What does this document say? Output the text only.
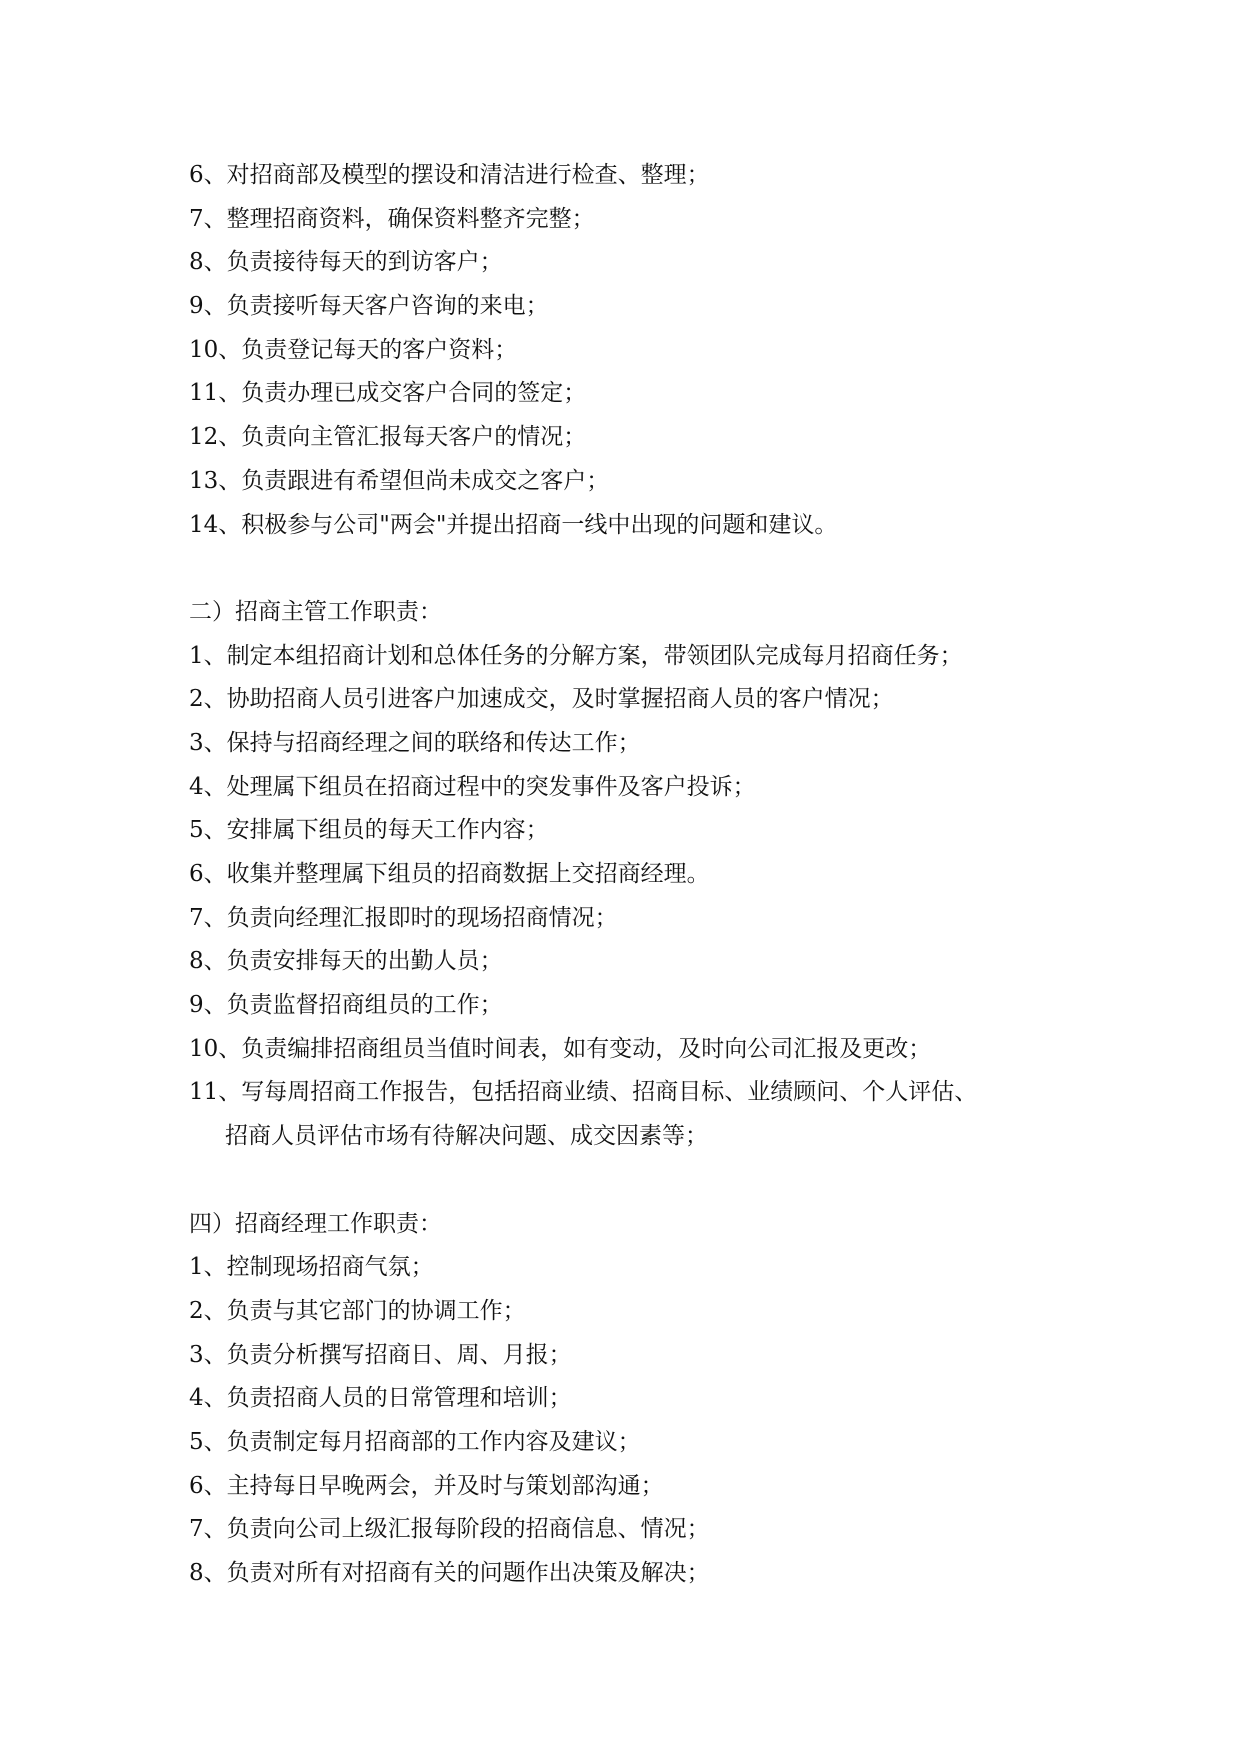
6、对招商部及模型的摆设和清洁进行检查、整理；

7、整理招商资料，确保资料整齐完整；

8、负责接待每天的到访客户；

9、负责接听每天客户咨询的来电；

10、负责登记每天的客户资料；

11、负责办理已成交客户合同的签定；

12、负责向主管汇报每天客户的情况；

13、负责跟进有希望但尚未成交之客户；

14、积极参与公司"两会"并提出招商一线中出现的问题和建议。

二）招商主管工作职责：

1、制定本组招商计划和总体任务的分解方案，带领团队完成每月招商任务；

2、协助招商人员引进客户加速成交，及时掌握招商人员的客户情况；

3、保持与招商经理之间的联络和传达工作；

4、处理属下组员在招商过程中的突发事件及客户投诉；

5、安排属下组员的每天工作内容；

6、收集并整理属下组员的招商数据上交招商经理。

7、负责向经理汇报即时的现场招商情况；

8、负责安排每天的出勤人员；

9、负责监督招商组员的工作；

10、负责编排招商组员当值时间表，如有变动，及时向公司汇报及更改；

11、写每周招商工作报告，包括招商业绩、招商目标、业绩顾问、个人评估、

招商人员评估市场有待解决问题、成交因素等；

四）招商经理工作职责：

1、控制现场招商气氛；

2、负责与其它部门的协调工作；

3、负责分析撰写招商日、周、月报；

4、负责招商人员的日常管理和培训；

5、负责制定每月招商部的工作内容及建议；

6、主持每日早晚两会，并及时与策划部沟通；

7、负责向公司上级汇报每阶段的招商信息、情况；

8、负责对所有对招商有关的问题作出决策及解决；
